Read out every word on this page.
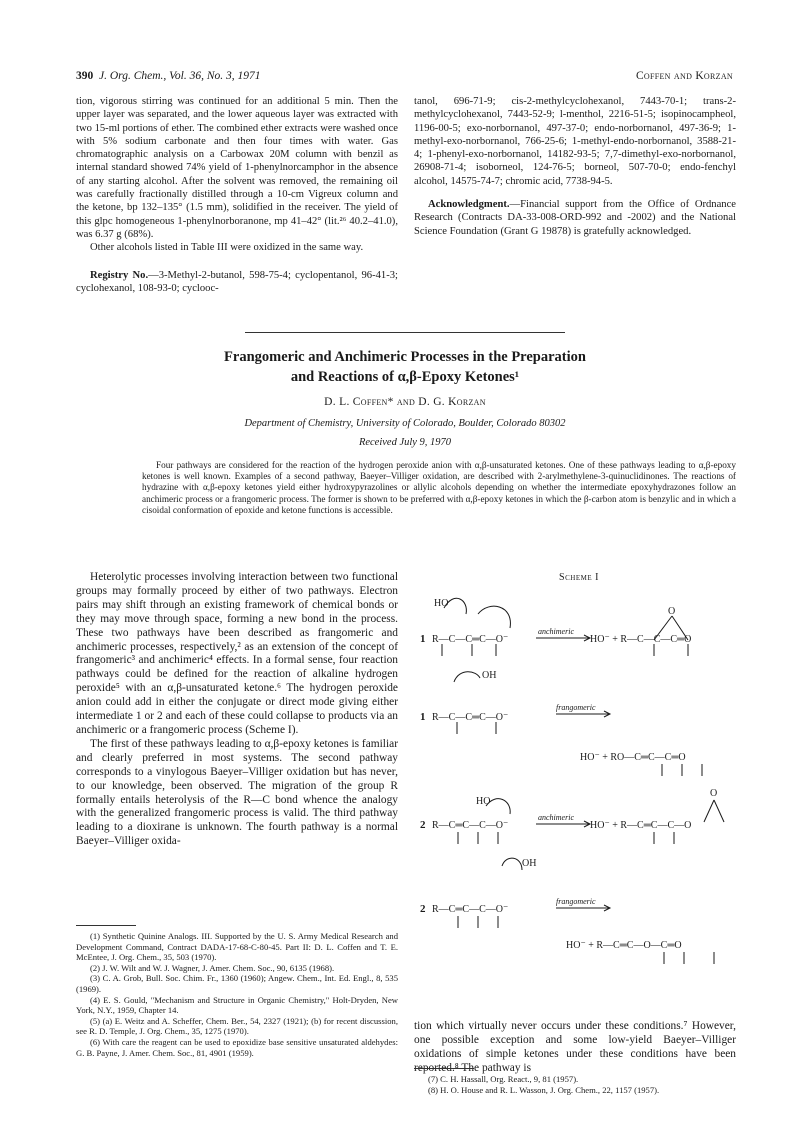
390 J. Org. Chem., Vol. 36, No. 3, 1971	Coffen and Korzan

tion, vigorous stirring was continued for an additional 5 min. Then the upper layer was separated, and the lower aqueous layer was extracted with two 15-ml portions of ether. The combined ether extracts were washed once with 5% sodium carbonate and then four times with water. Gas chromatographic analysis on a Carbowax 20M column with benzil as internal standard showed 74% yield of 1-phenylnorcamphor in the absence of any starting alcohol. After the solvent was removed, the remaining oil was carefully fractionally distilled through a 10-cm Vigreux column and the ketone, bp 132–135° (1.5 mm), solidified in the receiver. The yield of this glpc homogeneous 1-phenylnorboranone, mp 41–42° (lit.²⁶ 40.2–41.0), was 6.37 g (68%).

Other alcohols listed in Table III were oxidized in the same way.

Registry No.—3-Methyl-2-butanol, 598-75-4; cyclopentanol, 96-41-3; cyclohexanol, 108-93-0; cyclooc-

tanol, 696-71-9; cis-2-methylcyclohexanol, 7443-70-1; trans-2-methylcyclohexanol, 7443-52-9; l-menthol, 2216-51-5; isopinocampheol, 1196-00-5; exo-norbornanol, 497-37-0; endo-norbornanol, 497-36-9; 1-methyl-exo-norbornanol, 766-25-6; 1-methyl-endo-norbornanol, 3588-21-4; 1-phenyl-exo-norbornanol, 14182-93-5; 7,7-dimethyl-exo-norbornanol, 26908-71-4; isoborneol, 124-76-5; borneol, 507-70-0; endo-fenchyl alcohol, 14575-74-7; chromic acid, 7738-94-5.

Acknowledgment.—Financial support from the Office of Ordnance Research (Contracts DA-33-008-ORD-992 and -2002) and the National Science Foundation (Grant G 19878) is gratefully acknowledged.

Frangomeric and Anchimeric Processes in the Preparation
and Reactions of α,β-Epoxy Ketones¹
D. L. Coffen* and D. G. Korzan
Department of Chemistry, University of Colorado, Boulder, Colorado 80302
Received July 9, 1970
Four pathways are considered for the reaction of the hydrogen peroxide anion with α,β-unsaturated ketones. One of these pathways leading to α,β-epoxy ketones is well known. Examples of a second pathway, Baeyer–Villiger oxidation, are described with 2-arylmethylene-3-quinuclidinones. The reactions of hydrazine with α,β-epoxy ketones yield either hydroxypyrazolines or allylic alcohols depending on whether the intermediate epoxyhydrazones follow an anchimeric process or a frangomeric process. The former is shown to be preferred with α,β-epoxy ketones in which the β-carbon atom is benzylic and in which a cisoidal conformation of epoxide and ketone functions is accessible.

Heterolytic processes involving interaction between two functional groups may formally proceed by either of two pathways. Electron pairs may shift through an existing framework of chemical bonds or they may move through space, forming a new bond in the process. These two pathways have been described as frangomeric and anchimeric processes, respectively,² as an extension of the concept of frangomeric³ and anchimeric⁴ effects. In a formal sense, four reaction pathways could be defined for the reaction of alkaline hydrogen peroxide⁵ with an α,β-unsaturated ketone.⁶ The hydrogen peroxide anion could add in either the conjugate or direct mode giving either intermediate 1 or 2 and each of these could collapse to products via an anchimeric or a frangomeric process (Scheme I).

The first of these pathways leading to α,β-epoxy ketones is familiar and clearly preferred in most systems. The second pathway corresponds to a vinylogous Baeyer–Villiger oxidation but has never, to our knowledge, been observed. The migration of the group R formally entails heterolysis of the R—C bond whence the analogy with the generalized frangomeric process is valid. The third pathway leading to a dioxirane is unknown. The fourth pathway is a normal Baeyer–Villiger oxida-

(1) Synthetic Quinine Analogs. III. Supported by the U. S. Army Medical Research and Development Command, Contract DADA-17-68-C-80-45. Part II: D. L. Coffen and T. E. McEntee, J. Org. Chem., 35, 503 (1970).

(2) J. W. Wilt and W. J. Wagner, J. Amer. Chem. Soc., 90, 6135 (1968).

(3) C. A. Grob, Bull. Soc. Chim. Fr., 1360 (1960); Angew. Chem., Int. Ed. Engl., 8, 535 (1969).

(4) E. S. Gould, "Mechanism and Structure in Organic Chemistry," Holt-Dryden, New York, N.Y., 1959, Chapter 14.

(5) (a) E. Weitz and A. Scheffer, Chem. Ber., 54, 2327 (1921); (b) for recent discussion, see R. D. Temple, J. Org. Chem., 35, 1275 (1970).

(6) With care the reagent can be used to epoxidize base sensitive unsaturated aldehydes: G. B. Payne, J. Amer. Chem. Soc., 81, 4901 (1959).

Scheme I
HO
1 R—C—C═C—O⁻
anchimeric
HO⁻ + R—C—C—C═O
O
OH
1 R—C—C═C—O⁻
frangomeric
HO⁻ + RO—C═C—C═O
HO
2 R—C═C—C—O⁻
anchimeric
HO⁻ + R—C═C—C—O
O
OH
2 R—C═C—C—O⁻
frangomeric
HO⁻ + R—C═C—O—C═O

tion which virtually never occurs under these conditions.⁷ However, one possible exception and some low-yield Baeyer–Villiger oxidations of simple ketones under these conditions have been reported.⁸ The pathway is

(7) C. H. Hassall, Org. React., 9, 81 (1957).

(8) H. O. House and R. L. Wasson, J. Org. Chem., 22, 1157 (1957).
